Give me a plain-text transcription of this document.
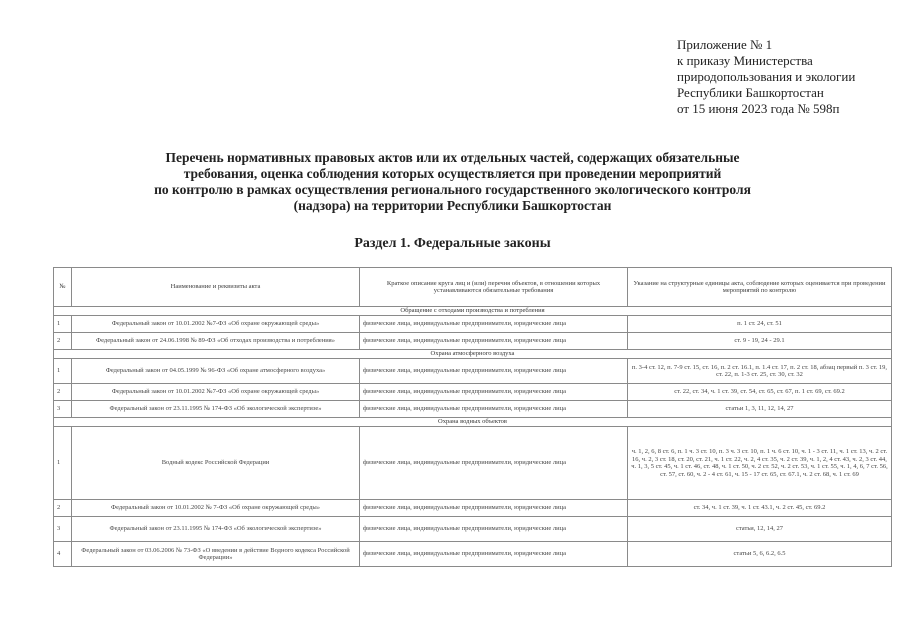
Приложение № 1
к приказу Министерства
природопользования и экологии
Республики Башкортостан
от 15 июня 2023 года № 598п
Перечень нормативных правовых актов или их отдельных частей, содержащих обязательные
требования, оценка соблюдения которых осуществляется при проведении мероприятий
по контролю в рамках осуществления регионального государственного экологического контроля
(надзора) на территории Республики Башкортостан
Раздел 1. Федеральные законы
№	Наименование и реквизиты акта	Краткое описание круга лиц и (или) перечня объектов, в отношении которых устанавливаются обязательные требования	Указание на структурные единицы акта, соблюдение которых оценивается при проведении мероприятий по контролю
Обращение с отходами производства и потребления			
1	Федеральный закон от 10.01.2002 №7-ФЗ «Об охране окружающей среды»	физические лица, индивидуальные предприниматели, юридические лица	п. 1 ст. 24, ст. 51
2	Федеральный закон от 24.06.1998 № 89-ФЗ «Об отходах производства и потребления»	физические лица, индивидуальные предприниматели, юридические лица	ст. 9 - 19, 24 - 29.1
Охрана атмосферного воздуха			
1	Федеральный закон от 04.05.1999 № 96-ФЗ «Об охране атмосферного воздуха»	физические лица, индивидуальные предприниматели, юридические лица	п. 3-4 ст. 12, п. 7-9 ст. 15, ст. 16, п. 2 ст. 16.1, п. 1.4 ст. 17, п. 2 ст. 18, абзац первый п. 3 ст. 19, ст. 22, п. 1-3 ст. 25, ст. 30, ст. 32
2	Федеральный закон от 10.01.2002 №7-ФЗ «Об охране окружающей среды»	физические лица, индивидуальные предприниматели, юридические лица	ст. 22, ст. 34, ч. 1 ст. 39, ст. 54, ст. 65, ст. 67, п. 1 ст. 69, ст. 69.2
3	Федеральный закон от 23.11.1995 № 174-ФЗ «Об экологической экспертизе»	физические лица, индивидуальные предприниматели, юридические лица	статьи 1, 3, 11, 12, 14, 27
Охрана водных объектов			
1	Водный кодекс Российской Федерации	физические лица, индивидуальные предприниматели, юридические лица	ч. 1, 2, 6, 8 ст. 6, п. 1 ч. 3 ст. 10, п. 3 ч. 3 ст. 10, п. 1 ч. 6 ст. 10, ч. 1 - 3 ст. 11, ч. 1 ст. 13, ч. 2 ст. 16, ч. 2, 3 ст. 18, ст. 20, ст. 21, ч. 1 ст. 22, ч. 2, 4 ст. 35, ч. 2 ст. 39, ч. 1, 2, 4 ст. 43, ч. 2, 3 ст. 44, ч. 1, 3, 5 ст. 45, ч. 1 ст. 46, ст. 48, ч. 1 ст. 50, ч. 2 ст. 52, ч. 2 ст. 53, ч. 1 ст. 55, ч. 1, 4, 6, 7 ст. 56, ст. 57, ст. 60, ч. 2 - 4 ст. 61, ч. 15 - 17 ст. 65, ст. 67.1, ч. 2 ст. 68, ч. 1 ст. 69
2	Федеральный закон от 10.01.2002 № 7-ФЗ «Об охране окружающей среды»	физические лица, индивидуальные предприниматели, юридические лица	ст. 34, ч. 1 ст. 39, ч. 1 ст. 43.1, ч. 2 ст. 45, ст. 69.2
3	Федеральный закон от 23.11.1995 № 174-ФЗ «Об экологической экспертизе»	физические лица, индивидуальные предприниматели, юридические лица	статьи, 12, 14, 27
4	Федеральный закон от 03.06.2006 № 73-ФЗ «О введении в действие Водного кодекса Российской Федерации»	физические лица, индивидуальные предприниматели, юридические лица	статьи 5, 6, 6.2, 6.5
